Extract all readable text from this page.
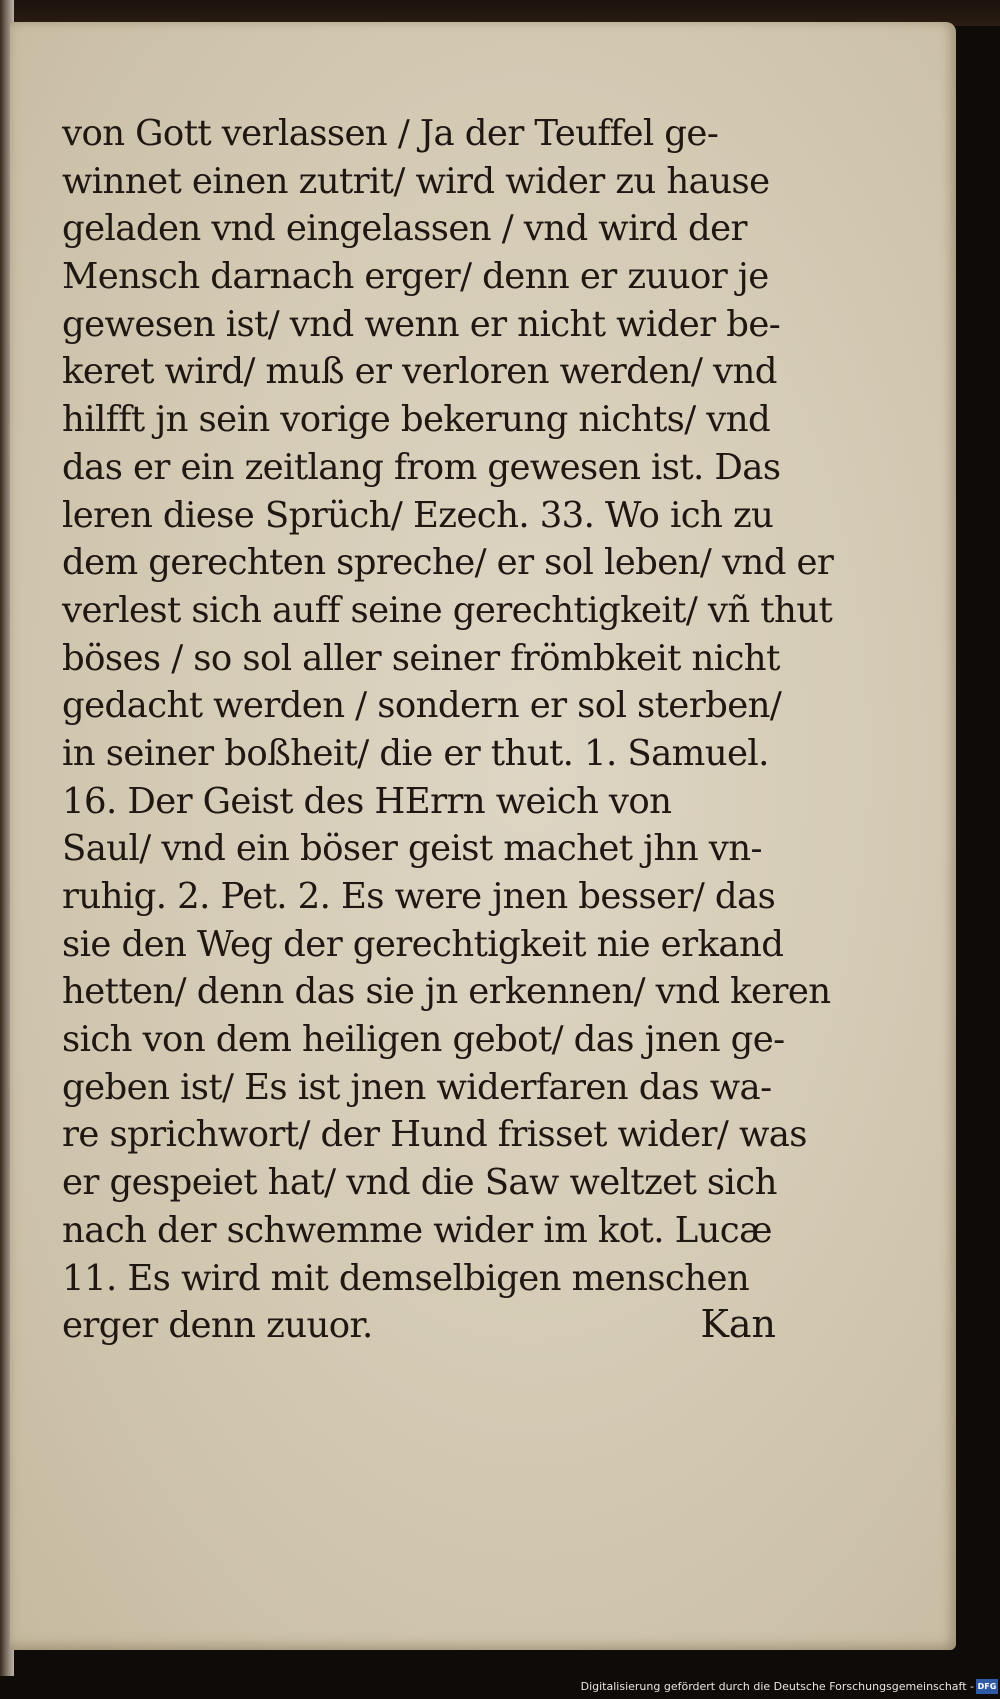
von Gott verlassen / Ja der Teuffel ge-
winnet einen zutrit/ wird wider zu hause
geladen vnd eingelassen / vnd wird der
Mensch darnach erger/ denn er zuuor je
gewesen ist/ vnd wenn er nicht wider be-
keret wird/ muß er verloren werden/ vnd
hilfft jn sein vorige bekerung nichts/ vnd
das er ein zeitlang from gewesen ist. Das
leren diese Sprüch/ Ezech. 33. Wo ich zu
dem gerechten spreche/ er sol leben/ vnd er
verlest sich auff seine gerechtigkeit/ vñ thut
böses / so sol aller seiner frömbkeit nicht
gedacht werden / sondern er sol sterben/
in seiner boßheit/ die er thut. 1. Samuel.
16. Der Geist des HErrn weich von
Saul/ vnd ein böser geist machet jhn vn-
ruhig. 2. Pet. 2. Es were jnen besser/ das
sie den Weg der gerechtigkeit nie erkand
hetten/ denn das sie jn erkennen/ vnd keren
sich von dem heiligen gebot/ das jnen ge-
geben ist/ Es ist jnen widerfaren das wa-
re sprichwort/ der Hund frisset wider/ was
er gespeiet hat/ vnd die Saw weltzet sich
nach der schwemme wider im kot. Lucæ
11. Es wird mit demselbigen menschen
erger denn zuuor.	Kan

Digitalisierung gefördert durch die Deutsche Forschungsgemeinschaft - DFG
